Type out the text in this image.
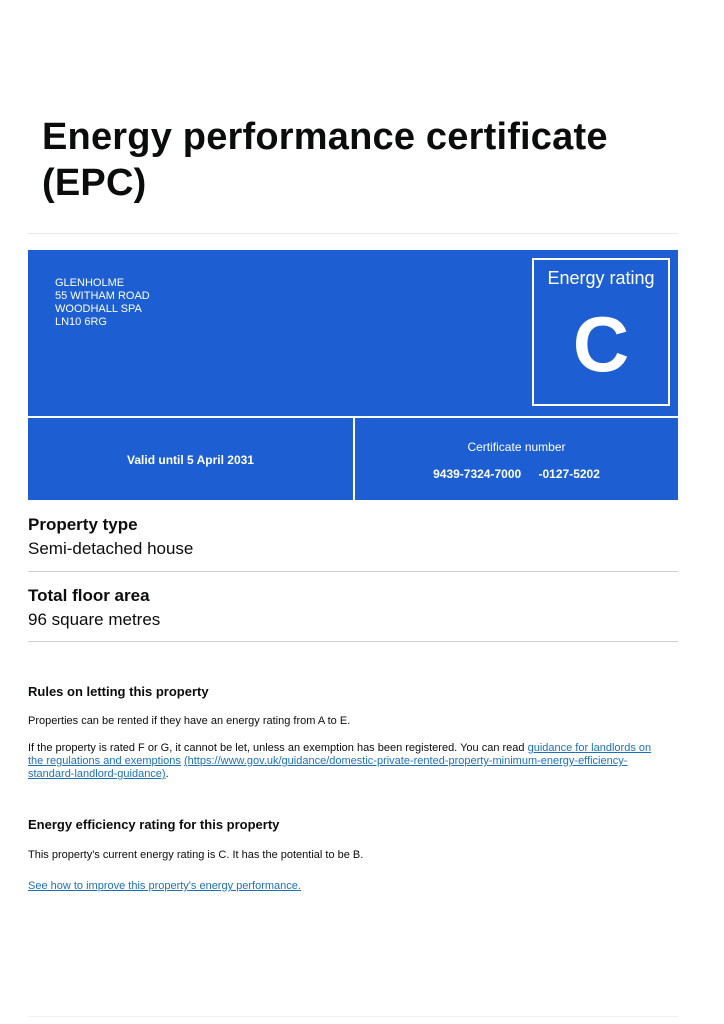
Energy performance certificate (EPC)
GLENHOLME
55 WITHAM ROAD
WOODHALL SPA
LN10 6RG
Energy rating
C
Valid until 5 April 2031
Certificate number
9439-7324-7000 -0127-5202
Property type
Semi-detached house
Total floor area
96 square metres
Rules on letting this property
Properties can be rented if they have an energy rating from A to E.
If the property is rated F or G, it cannot be let, unless an exemption has been registered. You can read guidance for landlords on the regulations and exemptions (https://www.gov.uk/guidance/domestic-private-rented-property-minimum-energy-efficiency-standard-landlord-guidance).
Energy efficiency rating for this property
This property's current energy rating is C. It has the potential to be B.
See how to improve this property's energy performance.
